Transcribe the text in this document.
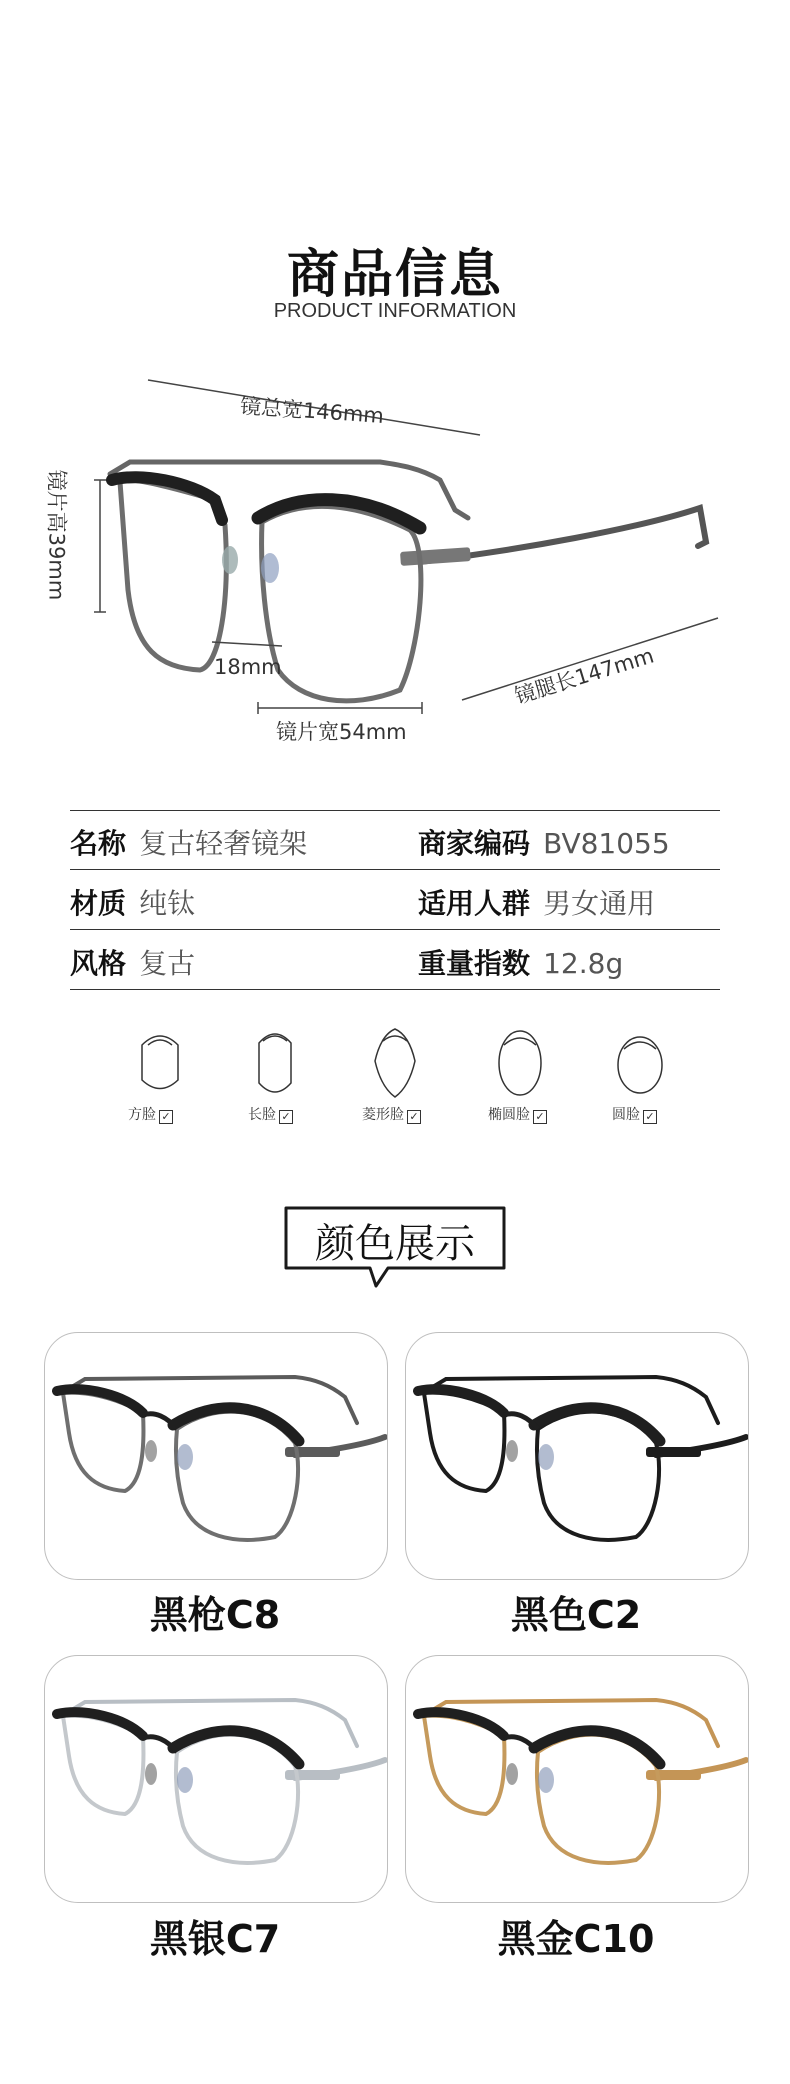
商品信息
PRODUCT INFORMATION
镜总宽146mm
镜片高39mm
18mm	镜腿长147mm
镜片宽54mm
名称 复古轻奢镜架	商家编码 BV81055
材质 纯钛	适用人群 男女通用
风格 复古	重量指数 12.8g
方脸 ✓	长脸 ✓	菱形脸 ✓	椭圆脸 ✓	圆脸 ✓
颜色展示
黑枪C8	黑色C2
黑银C7	黑金C10
